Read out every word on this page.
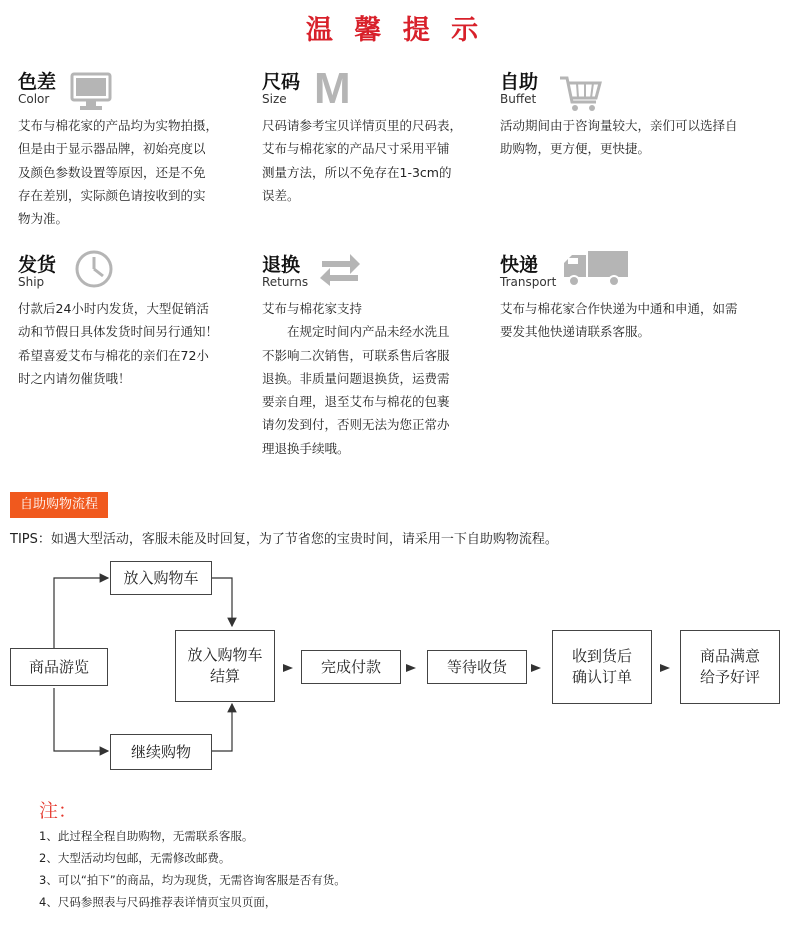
温 馨 提 示
色差
Color
艾布与棉花家的产品均为实物拍摄，
但是由于显示器品牌，初始亮度以
及颜色参数设置等原因，还是不免
存在差别，实际颜色请按收到的实
物为准。
尺码
Size M
尺码请参考宝贝详情页里的尺码表，
艾布与棉花家的产品尺寸采用平铺
测量方法，所以不免存在1-3cm的
误差。
自助
Buffet
活动期间由于咨询量较大，亲们可以选择自
助购物，更方便，更快捷。
发货
Ship
付款后24小时内发货，大型促销活
动和节假日具体发货时间另行通知！
希望喜爱艾布与棉花的亲们在72小
时之内请勿催货哦！
退换
Returns
艾布与棉花家支持
　　在规定时间内产品未经水洗且
不影响二次销售，可联系售后客服
退换。非质量问题退换货，运费需
要亲自理，退至艾布与棉花的包裹
请勿发到付，否则无法为您正常办
理退换手续哦。
快递
Transport
艾布与棉花家合作快递为中通和申通，如需
要发其他快递请联系客服。
自助购物流程
TIPS：如遇大型活动，客服未能及时回复，为了节省您的宝贵时间，请采用一下自助购物流程。
商品游览
放入购物车
继续购物
放入购物车
结算
完成付款	等待收货
收到货后
确认订单
商品满意
给予好评
注：
1、此过程全程自助购物，无需联系客服。
2、大型活动均包邮，无需修改邮费。
3、可以“拍下”的商品，均为现货，无需咨询客服是否有货。
4、尺码参照表与尺码推荐表详情页宝贝页面，
